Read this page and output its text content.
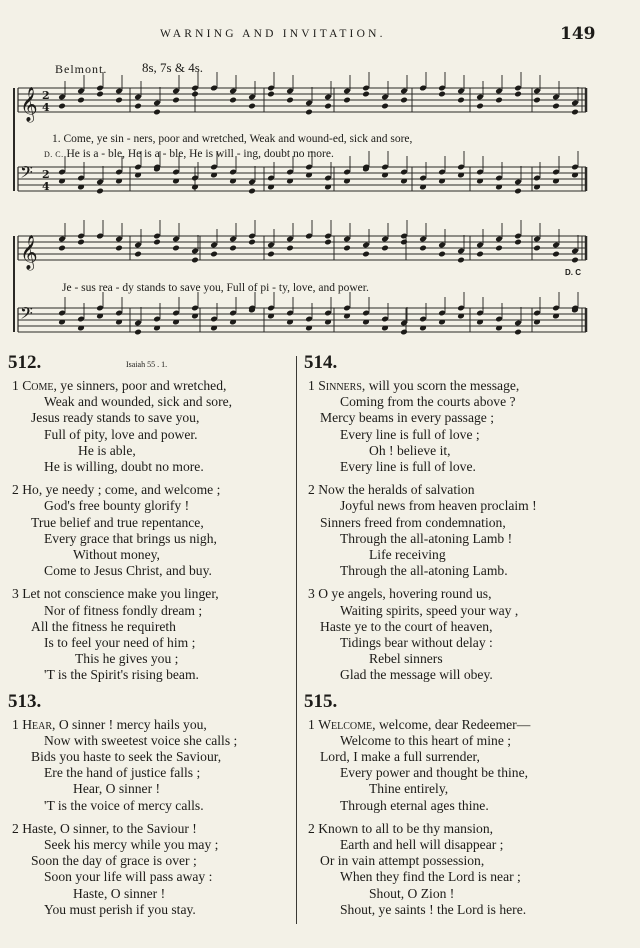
WARNING AND INVITATION.	149
Belmont.	8s, 7s & 4s.
𝄞 2
4
𝄢 2
4
𝄞
𝄢
1. Come, ye sin - ners, poor and wretched, Weak and wound-ed, sick and sore,
D. C. He is a - ble, He is a - ble, He is will - ing, doubt no more.
Je - sus rea - dy stands to save you, Full of pi - ty, love, and power.
D. C
512.	Isaiah 55 . 1.
1 Come, ye sinners, poor and wretched,
Weak and wounded, sick and sore,
Jesus ready stands to save you,
Full of pity, love and power.
He is able,
He is willing, doubt no more.
2 Ho, ye needy ; come, and welcome ;
God's free bounty glorify !
True belief and true repentance,
Every grace that brings us nigh,
Without money,
Come to Jesus Christ, and buy.
3 Let not conscience make you linger,
Nor of fitness fondly dream ;
All the fitness he requireth
Is to feel your need of him ;
This he gives you ;
'T is the Spirit's rising beam.
513.
1 Hear, O sinner ! mercy hails you,
Now with sweetest voice she calls ;
Bids you haste to seek the Saviour,
Ere the hand of justice falls ;
Hear, O sinner !
'T is the voice of mercy calls.
2 Haste, O sinner, to the Saviour !
Seek his mercy while you may ;
Soon the day of grace is over ;
Soon your life will pass away :
Haste, O sinner !
You must perish if you stay.
514.
1 Sinners, will you scorn the message,
Coming from the courts above ?
Mercy beams in every passage ;
Every line is full of love ;
Oh ! believe it,
Every line is full of love.
2 Now the heralds of salvation
Joyful news from heaven proclaim !
Sinners freed from condemnation,
Through the all-atoning Lamb !
Life receiving
Through the all-atoning Lamb.
3 O ye angels, hovering round us,
Waiting spirits, speed your way ,
Haste ye to the court of heaven,
Tidings bear without delay :
Rebel sinners
Glad the message will obey.
515.
1 Welcome, welcome, dear Redeemer—
Welcome to this heart of mine ;
Lord, I make a full surrender,
Every power and thought be thine,
Thine entirely,
Through eternal ages thine.
2 Known to all to be thy mansion,
Earth and hell will disappear ;
Or in vain attempt possession,
When they find the Lord is near ;
Shout, O Zion !
Shout, ye saints ! the Lord is here.
